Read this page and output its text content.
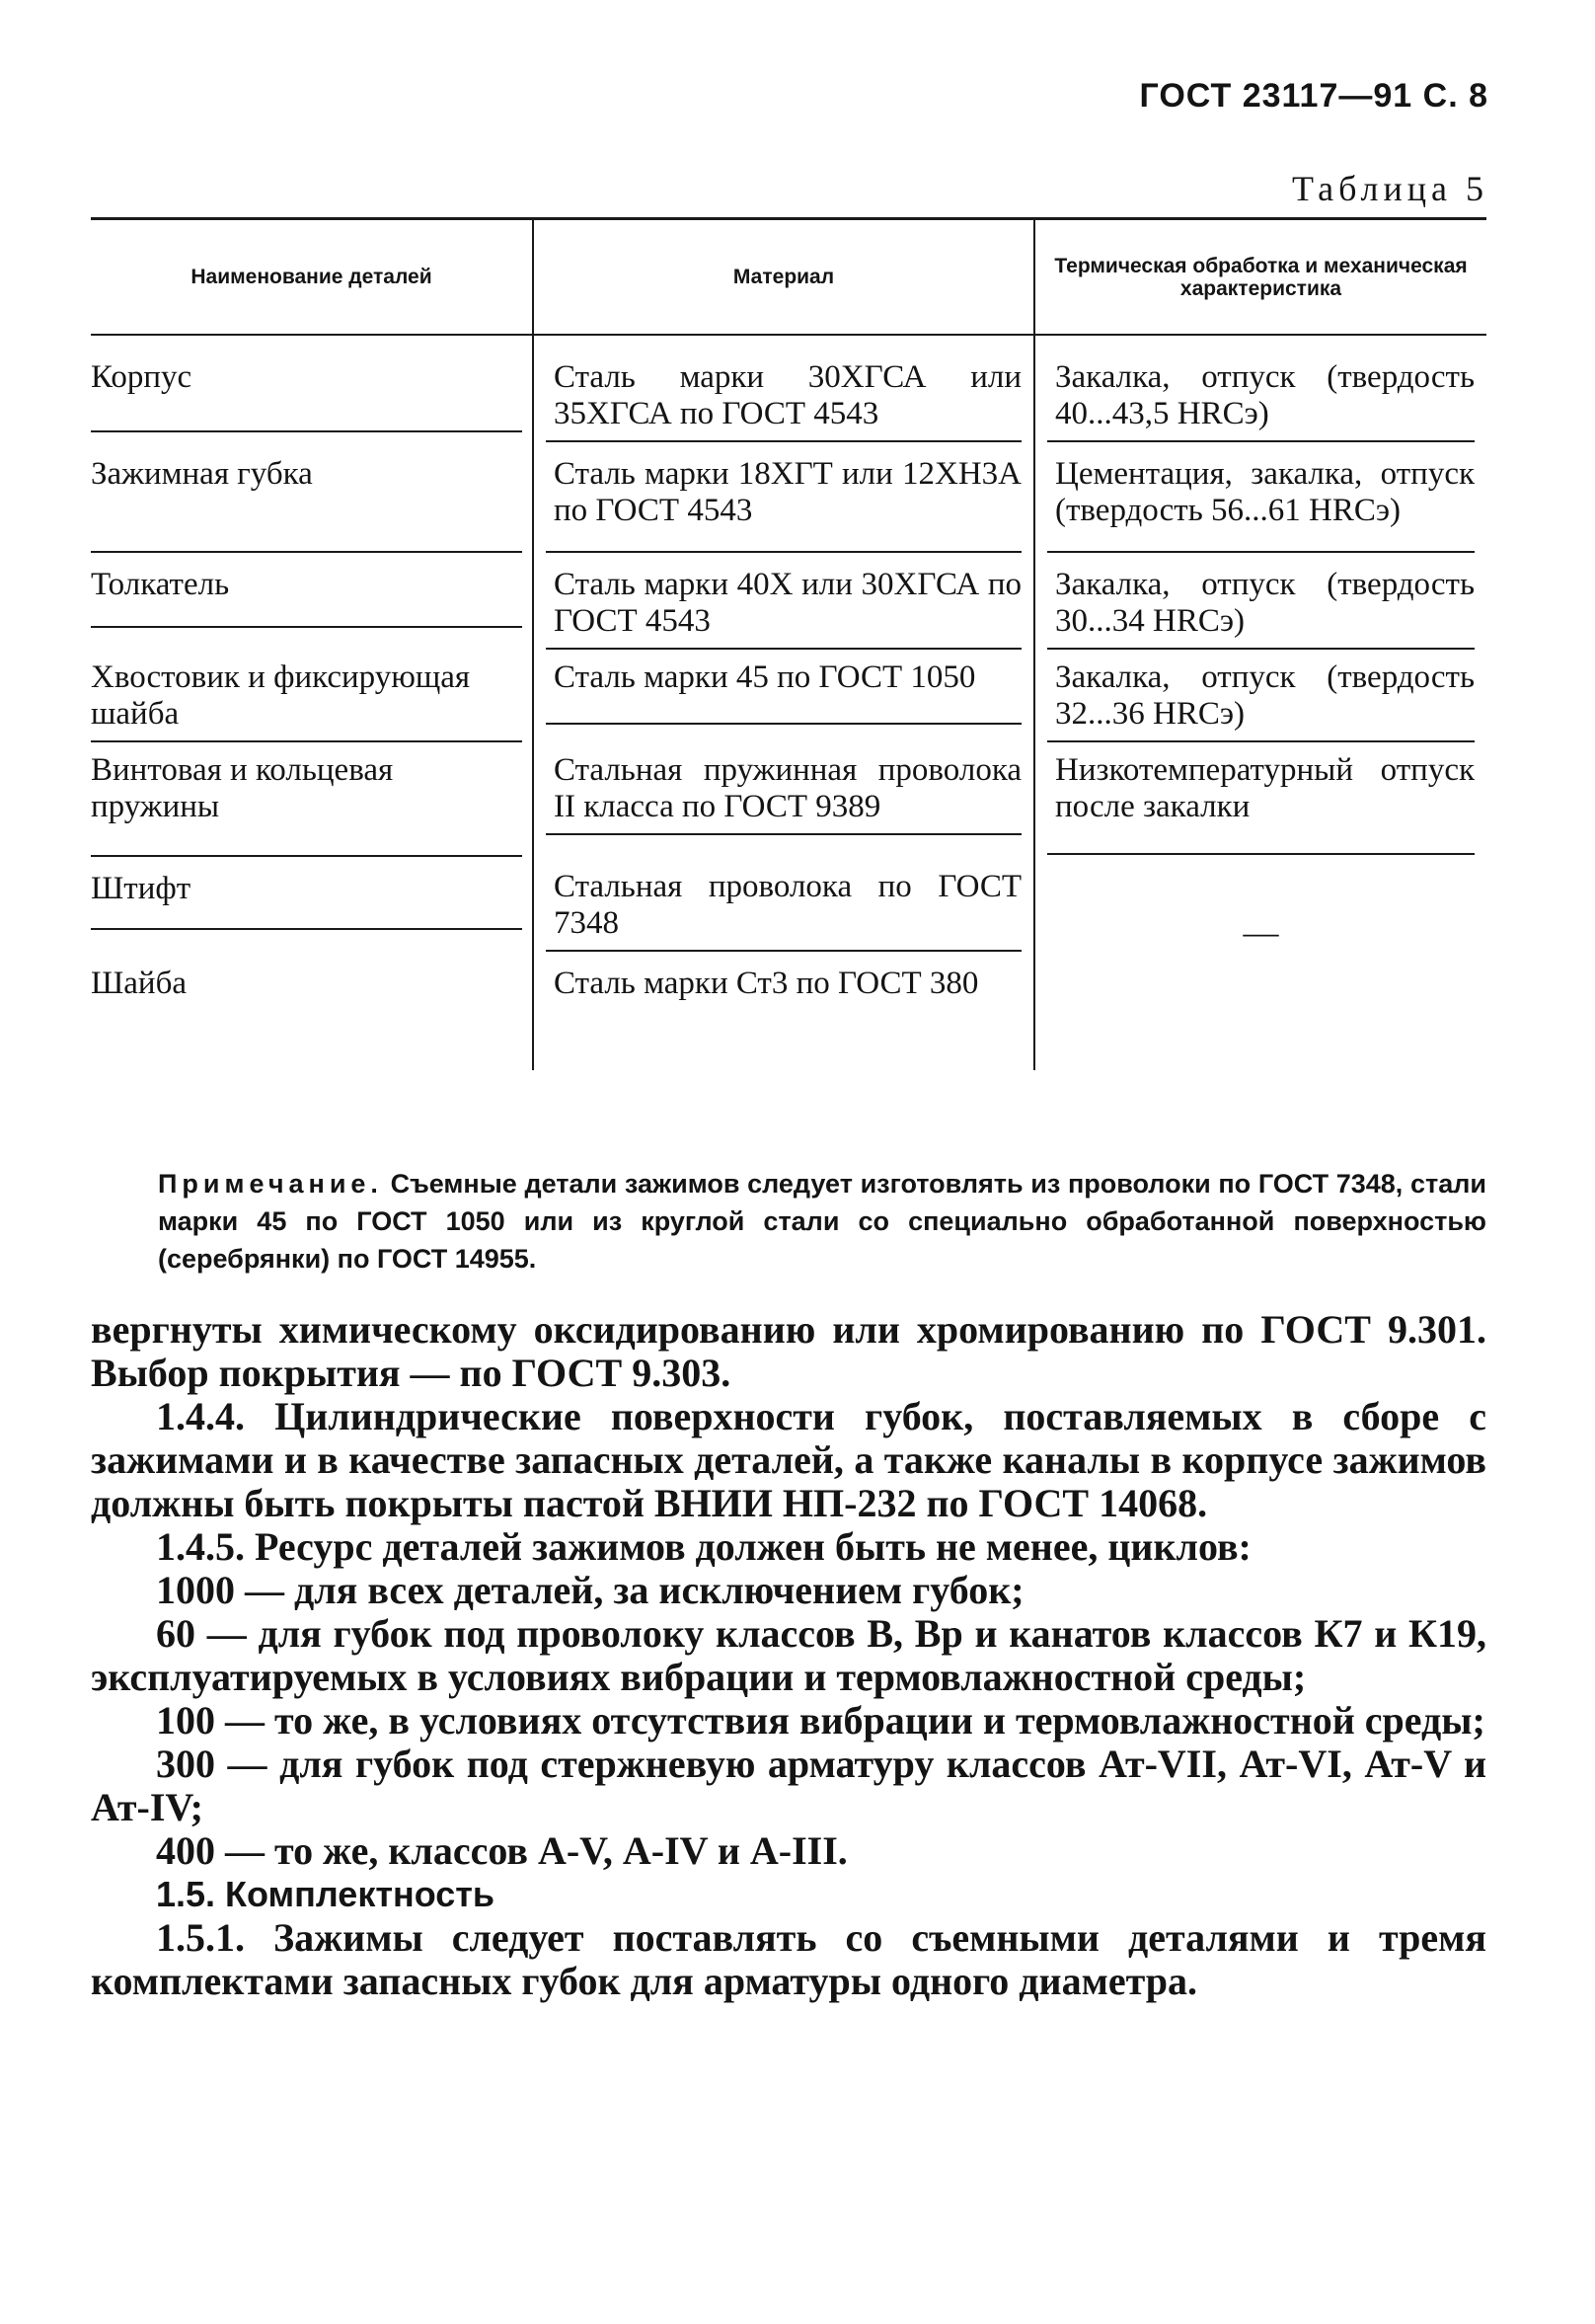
ГОСТ 23117—91 С. 8
Таблица 5
Наименование деталей	Материал	Термическая обработка и механическая характеристика

Корпус	Сталь марки 30ХГСА или 35ХГСА по ГОСТ 4543	Закалка, отпуск (твердость 40...43,5 HRCэ)

Зажимная губка	Сталь марки 18ХГТ или 12ХН3А по ГОСТ 4543	Цементация, закалка, отпуск (твердость 56...61 HRCэ)

Толкатель	Сталь марки 40Х или 30ХГСА по ГОСТ 4543	Закалка, отпуск (твердость 30...34 HRCэ)

Хвостовик и фиксирующая шайба	Сталь марки 45 по ГОСТ 1050	Закалка, отпуск (твердость 32...36 HRCэ)

Винтовая и кольцевая пружины	Стальная пружинная проволока II класса по ГОСТ 9389	Низкотемпературный отпуск после закалки

Штифт	Стальная проволока по ГОСТ 7348	—

Шайба	Сталь марки Ст3 по ГОСТ 380	
Примечание. Съемные детали зажимов следует изготовлять из проволоки по ГОСТ 7348, стали марки 45 по ГОСТ 1050 или из круглой стали со специально обработанной поверхностью (серебрянки) по ГОСТ 14955.

вергнуты химическому оксидированию или хромированию по ГОСТ 9.301. Выбор покрытия — по ГОСТ 9.303.

1.4.4. Цилиндрические поверхности губок, поставляемых в сборе с зажимами и в качестве запасных деталей, а также каналы в корпусе зажимов должны быть покрыты пастой ВНИИ НП-232 по ГОСТ 14068.

1.4.5. Ресурс деталей зажимов должен быть не менее, циклов:

1000 — для всех деталей, за исключением губок;

60 — для губок под проволоку классов В, Вр и канатов классов К7 и К19, эксплуатируемых в условиях вибрации и термовлажностной среды;

100 — то же, в условиях отсутствия вибрации и термовлажностной среды;

300 — для губок под стержневую арматуру классов Ат-VII, Ат-VI, Ат-V и Ат-IV;

400 — то же, классов А-V, А-IV и А-III.

1.5. Комплектность

1.5.1. Зажимы следует поставлять со съемными деталями и тремя комплектами запасных губок для арматуры одного диаметра.
